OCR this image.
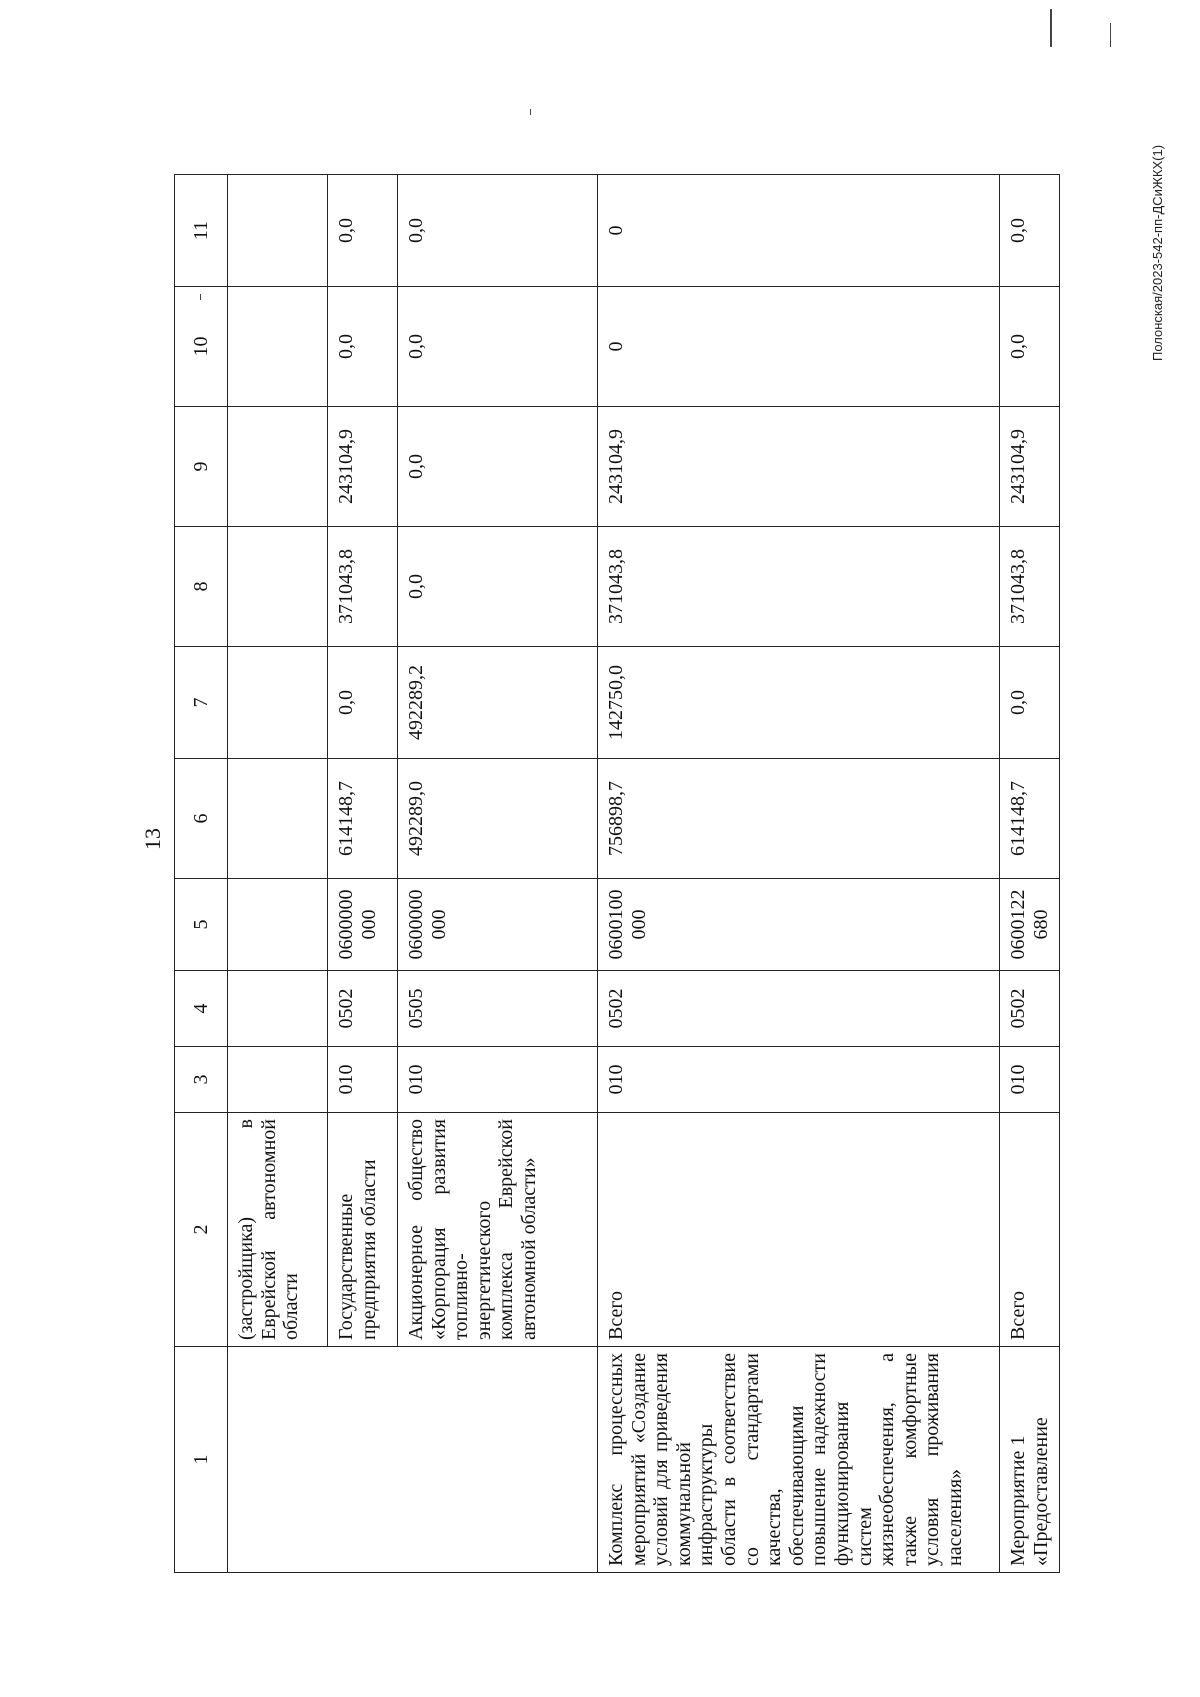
13
1	2	3	4	5	6	7	8	9	10	11
	(застройщика) в Еврейской автономной области									
	Государственные предприятия области	010	0502	0600000000	614148,7	0,0	371043,8	243104,9	0,0	0,0
	Акционерное общество «Корпорация развития топливно-энергетического комплекса Еврейской автономной области»	010	0505	0600000000	492289,0	492289,2	0,0	0,0	0,0	0,0
Комплекс процессных мероприятий «Создание условий для приведения коммунальной инфраструктуры области в соответствие со стандартами качества, обеспечивающими повышение надежности функционирования систем жизнеобеспечения, а также комфортные условия проживания населения»	Всего	010	0502	0600100000	756898,7	142750,0	371043,8	243104,9	0	0
Мероприятие 1 «Предоставление	Всего	010	0502	0600122680	614148,7	0,0	371043,8	243104,9	0,0	0,0	Полонская/2023-542-пп-ДСиЖКХ(1)
